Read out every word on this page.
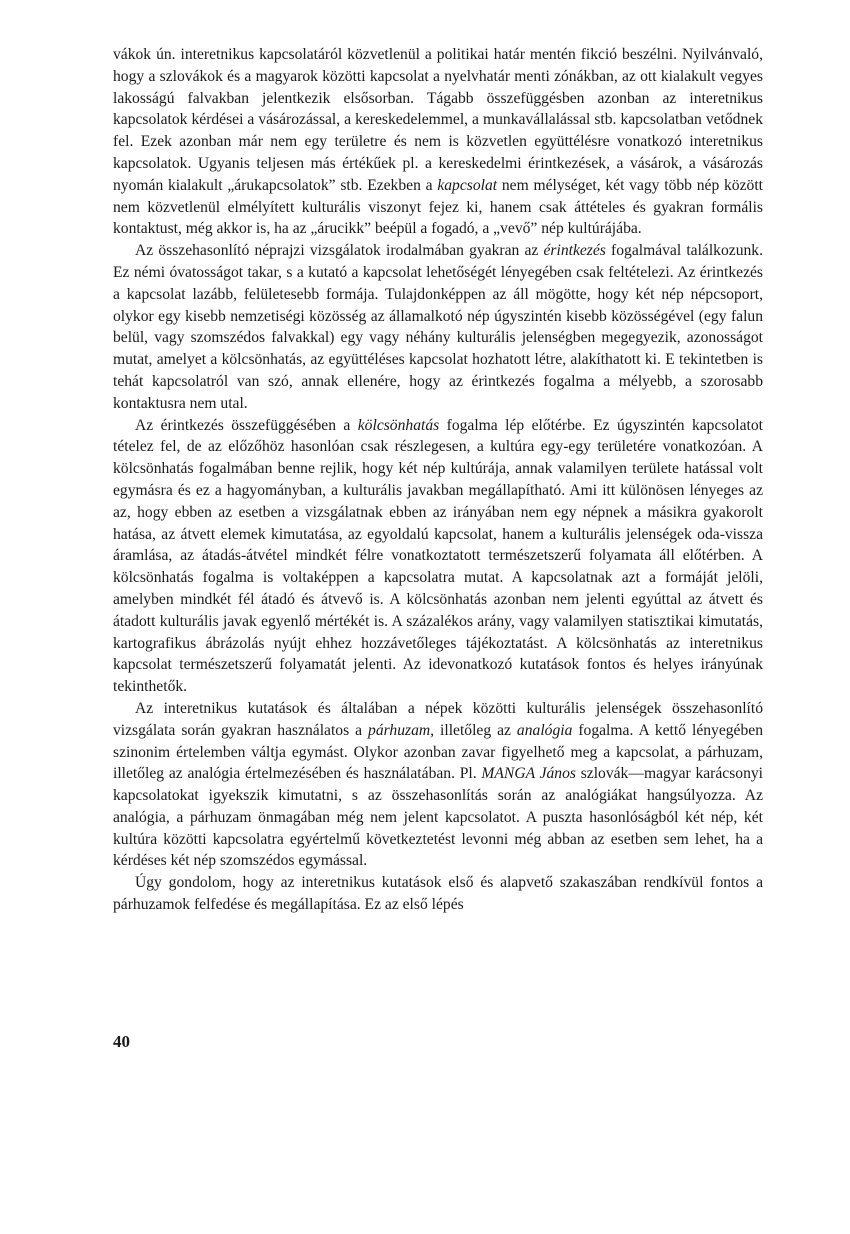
vákok ún. interetnikus kapcsolatáról közvetlenül a politikai határ mentén fikció beszélni. Nyilvánvaló, hogy a szlovákok és a magyarok közötti kapcsolat a nyelvhatár menti zónákban, az ott kialakult vegyes lakosságú falvakban jelentkezik elsősorban. Tágabb összefüggésben azonban az interetnikus kapcsolatok kérdései a vásározással, a kereskedelemmel, a munkavállalással stb. kapcsolatban vetődnek fel. Ezek azonban már nem egy területre és nem is közvetlen együttélésre vonatkozó interetnikus kapcsolatok. Ugyanis teljesen más értékűek pl. a kereskedelmi érintkezések, a vásárok, a vásározás nyomán kialakult „árukapcsolatok” stb. Ezekben a kapcsolat nem mélységet, két vagy több nép között nem közvetlenül elmélyített kulturális viszonyt fejez ki, hanem csak áttételes és gyakran formális kontaktust, még akkor is, ha az „árucikk” beépül a fogadó, a „vevő” nép kultúrájába.

Az összehasonlító néprajzi vizsgálatok irodalmában gyakran az érintkezés fogalmával találkozunk. Ez némi óvatosságot takar, s a kutató a kapcsolat lehetőségét lényegében csak feltételezi. Az érintkezés a kapcsolat lazább, felületesebb formája. Tulajdonképpen az áll mögötte, hogy két nép népcsoport, olykor egy kisebb nemzetiségi közösség az államalkotó nép úgyszintén kisebb közösségével (egy falun belül, vagy szomszédos falvakkal) egy vagy néhány kulturális jelenségben megegyezik, azonosságot mutat, amelyet a kölcsönhatás, az együttéléses kapcsolat hozhatott létre, alakíthatott ki. E tekintetben is tehát kapcsolatról van szó, annak ellenére, hogy az érintkezés fogalma a mélyebb, a szorosabb kontaktusra nem utal.

Az érintkezés összefüggésében a kölcsönhatás fogalma lép előtérbe. Ez úgyszintén kapcsolatot tételez fel, de az előzőhöz hasonlóan csak részlegesen, a kultúra egy-egy területére vonatkozóan. A kölcsönhatás fogalmában benne rejlik, hogy két nép kultúrája, annak valamilyen területe hatással volt egymásra és ez a hagyományban, a kulturális javakban megállapítható. Ami itt különösen lényeges az az, hogy ebben az esetben a vizsgálatnak ebben az irányában nem egy népnek a másikra gyakorolt hatása, az átvett elemek kimutatása, az egyoldalú kapcsolat, hanem a kulturális jelenségek oda-vissza áramlása, az átadás-átvétel mindkét félre vonatkoztatott természetszerű folyamata áll előtérben. A kölcsönhatás fogalma is voltaképpen a kapcsolatra mutat. A kapcsolatnak azt a formáját jelöli, amelyben mindkét fél átadó és átvevő is. A kölcsönhatás azonban nem jelenti egyúttal az átvett és átadott kulturális javak egyenlő mértékét is. A százalékos arány, vagy valamilyen statisztikai kimutatás, kartografikus ábrázolás nyújt ehhez hozzávetőleges tájékoztatást. A kölcsönhatás az interetnikus kapcsolat természetszerű folyamatát jelenti. Az idevonatkozó kutatások fontos és helyes irányúnak tekinthetők.

Az interetnikus kutatások és általában a népek közötti kulturális jelenségek összehasonlító vizsgálata során gyakran használatos a párhuzam, illetőleg az analógia fogalma. A kettő lényegében szinonim értelemben váltja egymást. Olykor azonban zavar figyelhető meg a kapcsolat, a párhuzam, illetőleg az analógia értelmezésében és használatában. Pl. MANGA János szlovák—magyar karácsonyi kapcsolatokat igyekszik kimutatni, s az összehasonlítás során az analógiákat hangsúlyozza. Az analógia, a párhuzam önmagában még nem jelent kapcsolatot. A puszta hasonlóságból két nép, két kultúra közötti kapcsolatra egyértelmű következtetést levonni még abban az esetben sem lehet, ha a kérdéses két nép szomszédos egymással.

Úgy gondolom, hogy az interetnikus kutatások első és alapvető szakaszában rendkívül fontos a párhuzamok felfedése és megállapítása. Ez az első lépés

40
